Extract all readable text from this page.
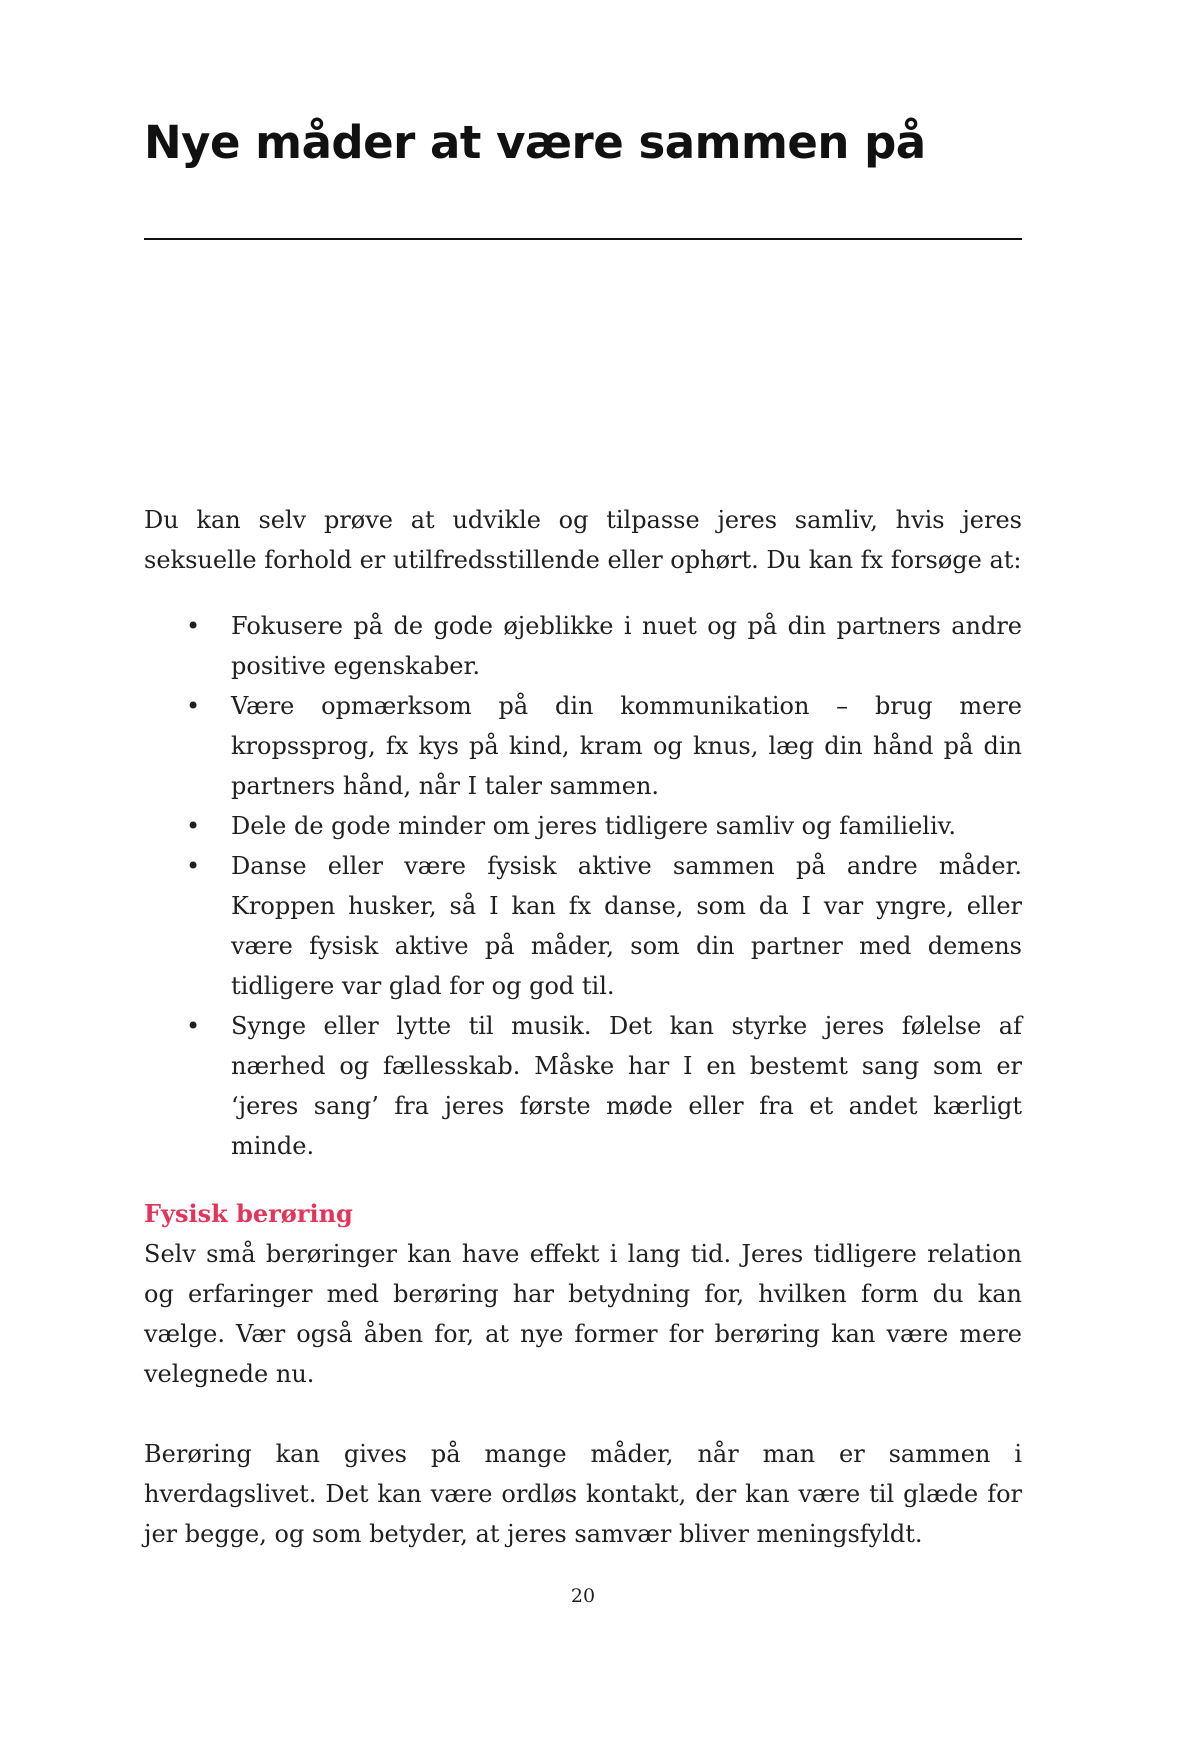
Nye måder at være sammen på

Du kan selv prøve at udvikle og tilpasse jeres samliv, hvis jeres seksuelle forhold er utilfredsstillende eller ophørt. Du kan fx forsøge at:

• Fokusere på de gode øjeblikke i nuet og på din partners andre positive egenskaber.
• Være opmærksom på din kommunikation – brug mere kropssprog, fx kys på kind, kram og knus, læg din hånd på din partners hånd, når I taler sammen.
• Dele de gode minder om jeres tidligere samliv og familieliv.
• Danse eller være fysisk aktive sammen på andre måder. Kroppen husker, så I kan fx danse, som da I var yngre, eller være fysisk aktive på måder, som din partner med demens tidligere var glad for og god til.
• Synge eller lytte til musik. Det kan styrke jeres følelse af nærhed og fællesskab. Måske har I en bestemt sang som er ‘jeres sang’ fra jeres første møde eller fra et andet kærligt minde.
Fysisk berøring

Selv små berøringer kan have effekt i lang tid. Jeres tidligere relation og erfaringer med berøring har betydning for, hvilken form du kan vælge. Vær også åben for, at nye former for berøring kan være mere velegnede nu.

Berøring kan gives på mange måder, når man er sammen i hverdagslivet. Det kan være ordløs kontakt, der kan være til glæde for jer begge, og som betyder, at jeres samvær bliver meningsfyldt.

20
